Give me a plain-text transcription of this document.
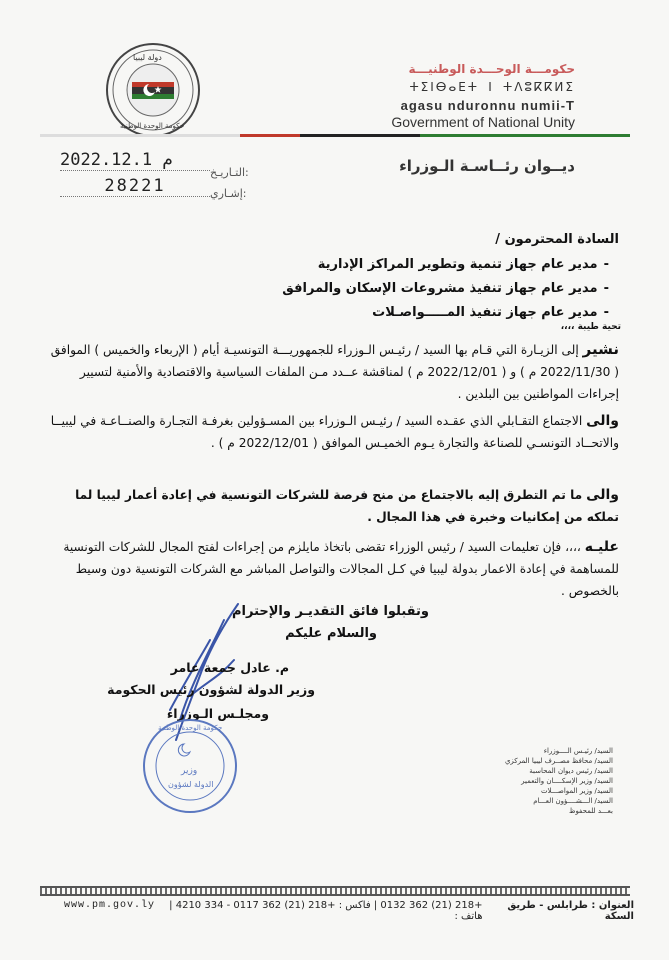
دولة ليبيا
حكومة الوحدة الوطنية
حكومـــة الوحـــدة الوطنيـــة
ⵜⵉⵏⴱⴰⴹⵜ ⵏ ⵜⴷⵓⴽⴽⵍⵉ
agasu nduronnu numii-T
Government of National Unity
ديــوان رئــاسـة الـوزراء
التـاريـخ:
2022.12.1 م
إشـاري:
28221
السادة المحترمون /
-مدير عام جهاز تنمية وتطوير المراكز الإدارية
-مدير عام جهاز تنفيذ مشروعات الإسكان والمرافق
-مدير عام جهاز تنفيذ المـــــواصـلات
تحية طيبة ،،،،
نشير إلى الزيـارة التي قـام بها السيد / رئيـس الـوزراء للجمهوريـــة التونسيـة أيام ( الإربعاء والخميس ) الموافق ( 2022/11/30 م ) و ( 2022/12/01 م ) لمناقشة عــدد مـن الملفات السياسية والاقتصادية والأمنية لتسيير إجراءات المواطنين بين البلدين .
والى الاجتماع التقـابلي الذي عقـده السيد / رئيـس الـوزراء بين المسـؤولين بغرفـة التجـارة والصنــاعـة في ليبيــا والاتحــاد التونسـي للصناعة والتجارة يـوم الخميـس الموافق ( 2022/12/01 م ) .
والى ما تم التطرق إليه بالاجتماع من منح فرصة للشركات التونسية في إعادة أعمار ليبيا لما تملكه من إمكانيات وخبرة في هذا المجال .
عليـه ،،،، فإن تعليمات السيد / رئيس الوزراء تقضى باتخاذ مايلزم من إجراءات لفتح المجال للشركات التونسية للمساهمة في إعادة الاعمار بدولة ليبيا في كـل المجالات والتواصل المباشر مع الشركات التونسية دون وسيط بالخصوص .
وتقبلوا فائق التقديـر والإحترام
والسلام عليكم
م. عادل جمعة عامر
وزير الدولة لشؤون رئيس الحكومة
ومجلـس الـوزراء
حكومة الوحدة الوطنية
وزير
الدولة لشؤون
السيد/ رئيـس الــــوزراء
السيد/ محافظ مصــرف ليبيا المركزي
السيد/ رئيس ديوان المحاسبة
السيد/ وزير الإسكــــان والتعمير
السيد/ وزير المواصـــلات
السيد/ الـــشــــؤون العـــام
بعـــد للمحفوظ
www.pm.gov.ly	+218 (21) 362 0132 | فاكس : +218 (21) 362 0117 - 334 4210 | هاتف :
العنوان : طرابلس - طريق السكة
